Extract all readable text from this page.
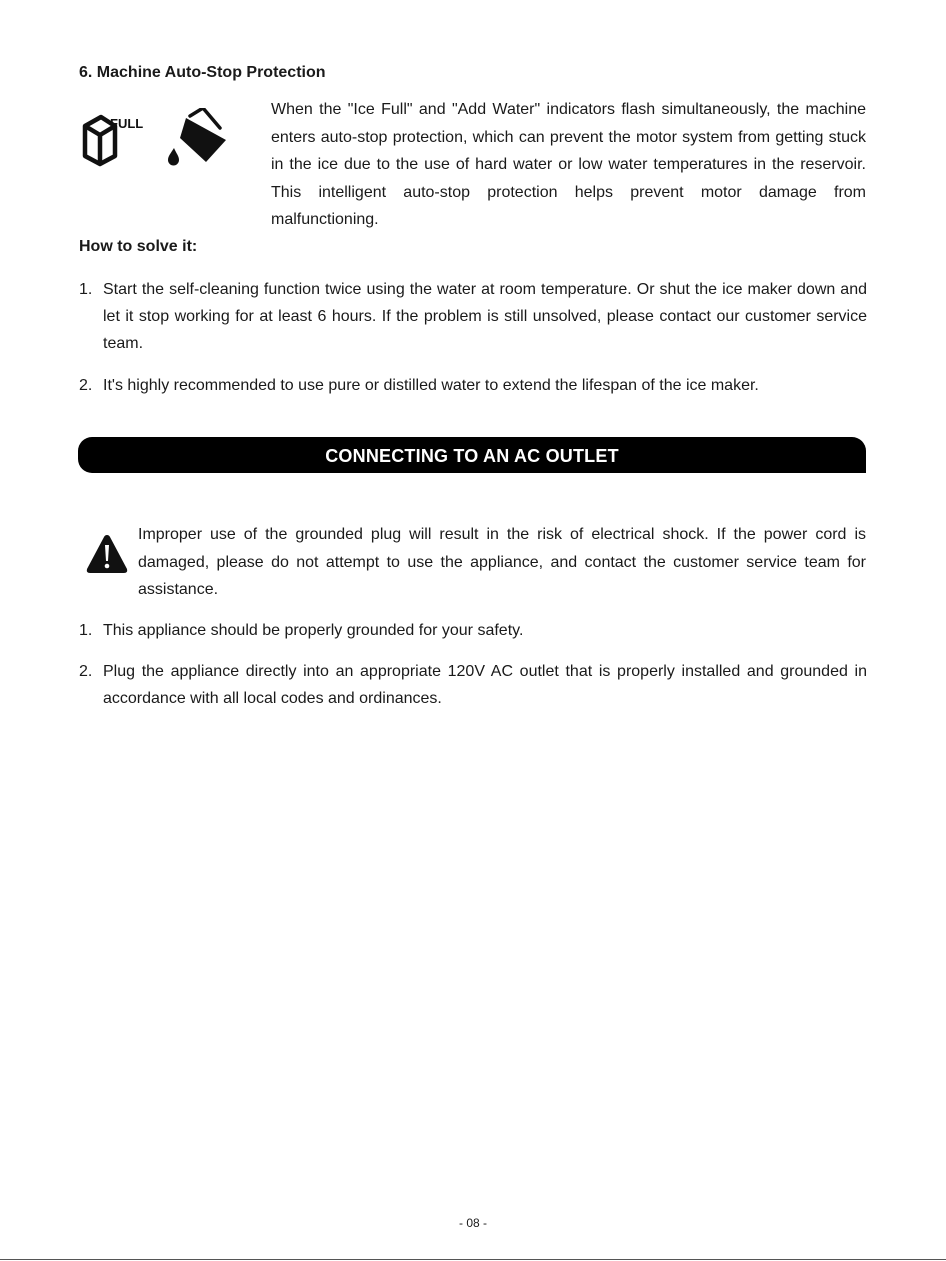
6. Machine Auto-Stop Protection
FULL

When the "Ice Full" and "Add Water" indicators flash simultaneously, the machine enters auto-stop protection, which can prevent the motor system from getting stuck in the ice due to the use of hard water or low water temperatures in the reservoir. This intelligent auto-stop protection helps prevent motor damage from malfunctioning.

How to solve it:
1. Start the self-cleaning function twice using the water at room temperature. Or shut the ice maker down and let it stop working for at least 6 hours. If the problem is still unsolved, please contact our customer service team.
2. It's highly recommended to use pure or distilled water to extend the lifespan of the ice maker.
CONNECTING TO AN AC OUTLET

Improper use of the grounded plug will result in the risk of electrical shock. If the power cord is damaged, please do not attempt to use the appliance, and contact the customer service team for assistance.

1. This appliance should be properly grounded for your safety.
2. Plug the appliance directly into an appropriate 120V AC outlet that is properly installed and grounded in accordance with all local codes and ordinances.
- 08 -
